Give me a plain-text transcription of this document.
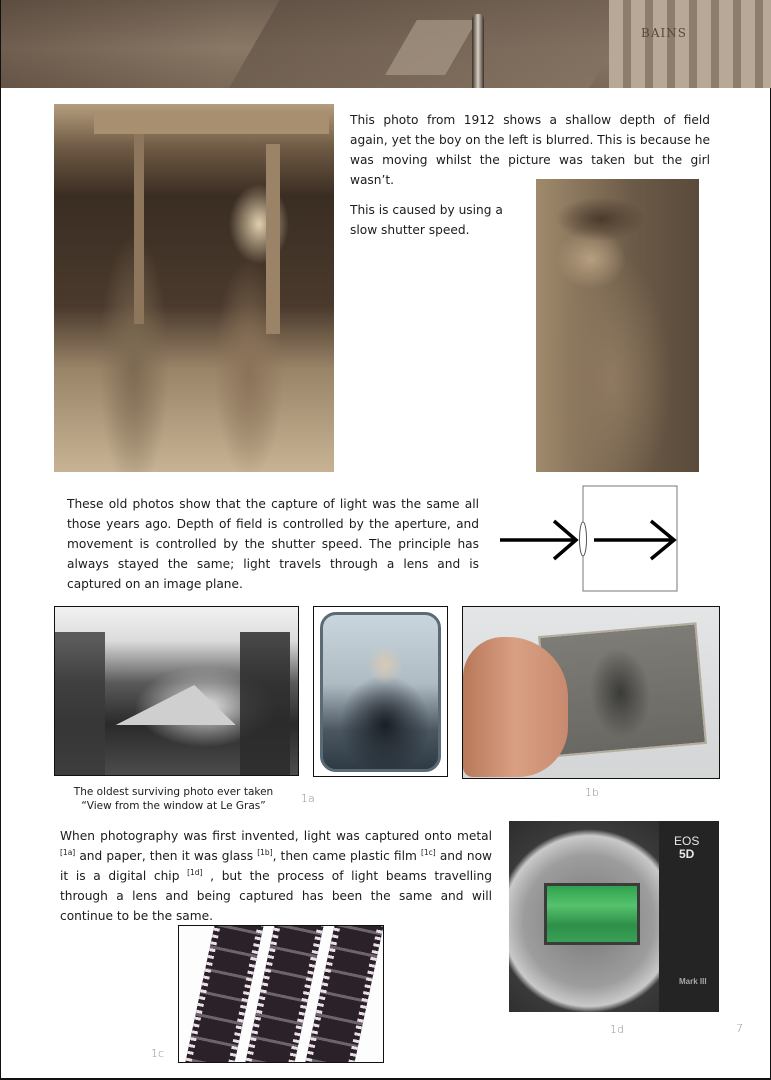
BAINS

This photo from 1912 shows a shallow depth of field again, yet the boy on the left is blurred. This is because he was moving whilst the picture was taken but the girl wasn’t.

This is caused by using a slow shutter speed.

These old photos show that the capture of light was the same all those years ago. Depth of field is controlled by the aperture, and movement is controlled by the shutter speed. The principle has always stayed the same; light travels through a lens and is captured on an image plane.

The oldest surviving photo ever taken
“View from the window at Le Gras”
1a	1b

When photography was first invented, light was captured onto metal [1a] and paper, then it was glass [1b], then came plastic film [1c] and now it is a digital chip [1d] , but the process of light beams travelling through a lens and being captured has been the same and will continue to be the same.

1c
EOS
5D
Mark III
1d	7
